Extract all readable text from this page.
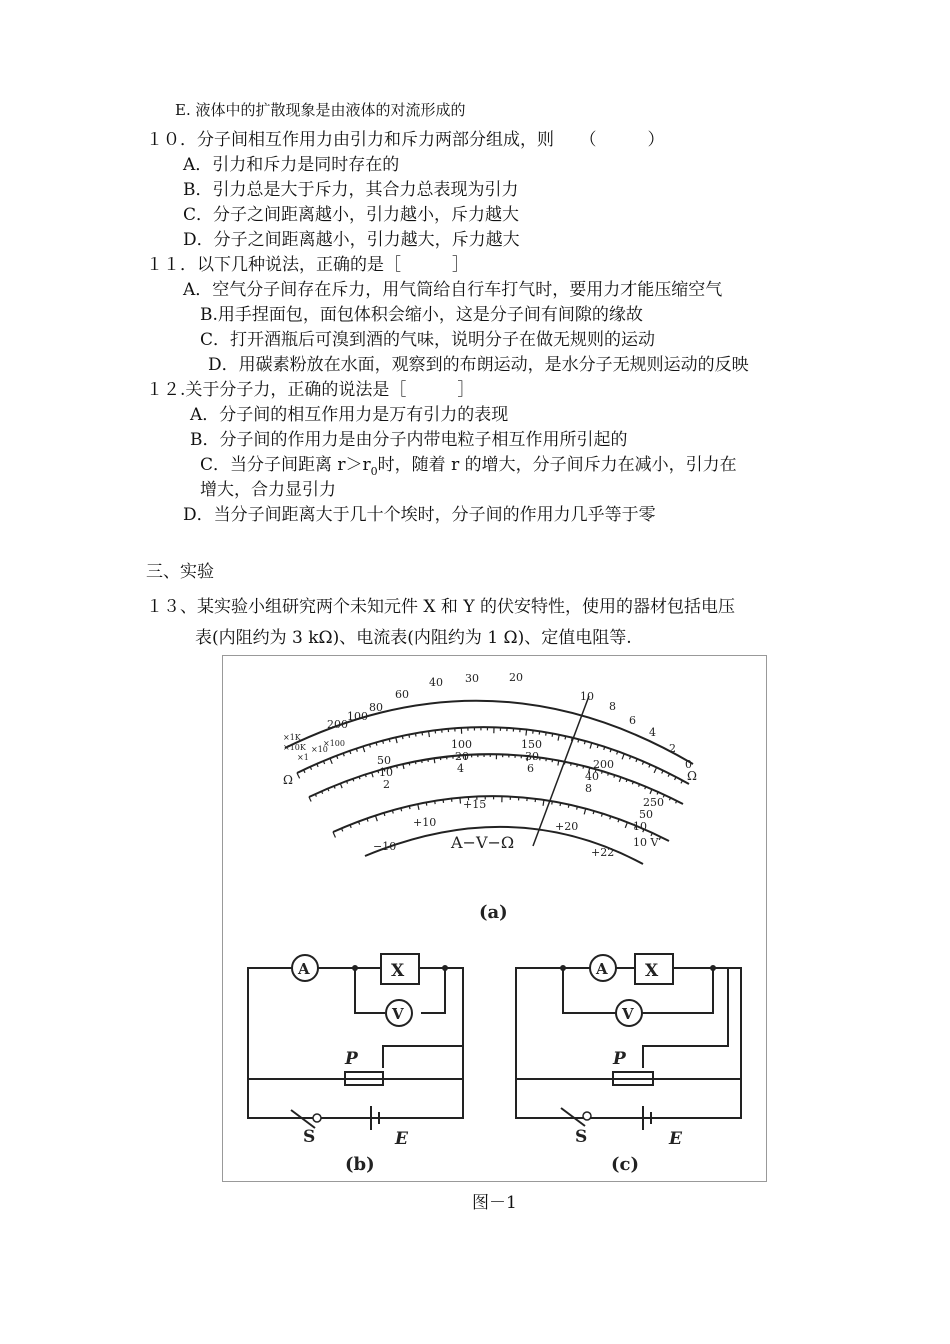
E. 液体中的扩散现象是由液体的对流形成的
１０．分子间相互作用力由引力和斥力两部分组成，则　　（　　　）
A．引力和斥力是同时存在的
B．引力总是大于斥力，其合力总表现为引力
C．分子之间距离越小，引力越小，斥力越大
D．分子之间距离越小，引力越大，斥力越大
１１．以下几种说法，正确的是［　　　］
A．空气分子间存在斥力，用气筒给自行车打气时，要用力才能压缩空气
B.用手捏面包，面包体积会缩小，这是分子间有间隙的缘故
C．打开酒瓶后可溴到酒的气味，说明分子在做无规则的运动
D．用碳素粉放在水面，观察到的布朗运动，是水分子无规则运动的反映
１２.关于分子力，正确的说法是［　　　］
A．分子间的相互作用力是万有引力的表现
B．分子间的作用力是由分子内带电粒子相互作用所引起的
C．当分子间距离 $r>r_0$时，随着 r 的增大，分子间斥力在减小，引力在
增大，合力显引力
D．当分子间距离大于几十个埃时，分子间的作用力几乎等于零
三、实验
１３、某实验小组研究两个未知元件 X 和 Y 的伏安特性，使用的器材包括电压
表(内阻约为 3 kΩ)、电流表(内阻约为 1 Ω)、定值电阻等.
200
100
80
60
40 30	20
10
8
6
4
2
0
Ω	Ω
×1K
×10K
×1
×10
×100
50
100	150
200
250
10
20	30
40
50
2
4	6
8
10
−10
+10
+15
+20
+22
10 V
A−V−Ω
(a)
A	X
V
P
S	E
(b)
A X
V
P
S	E
(c)
图－1
